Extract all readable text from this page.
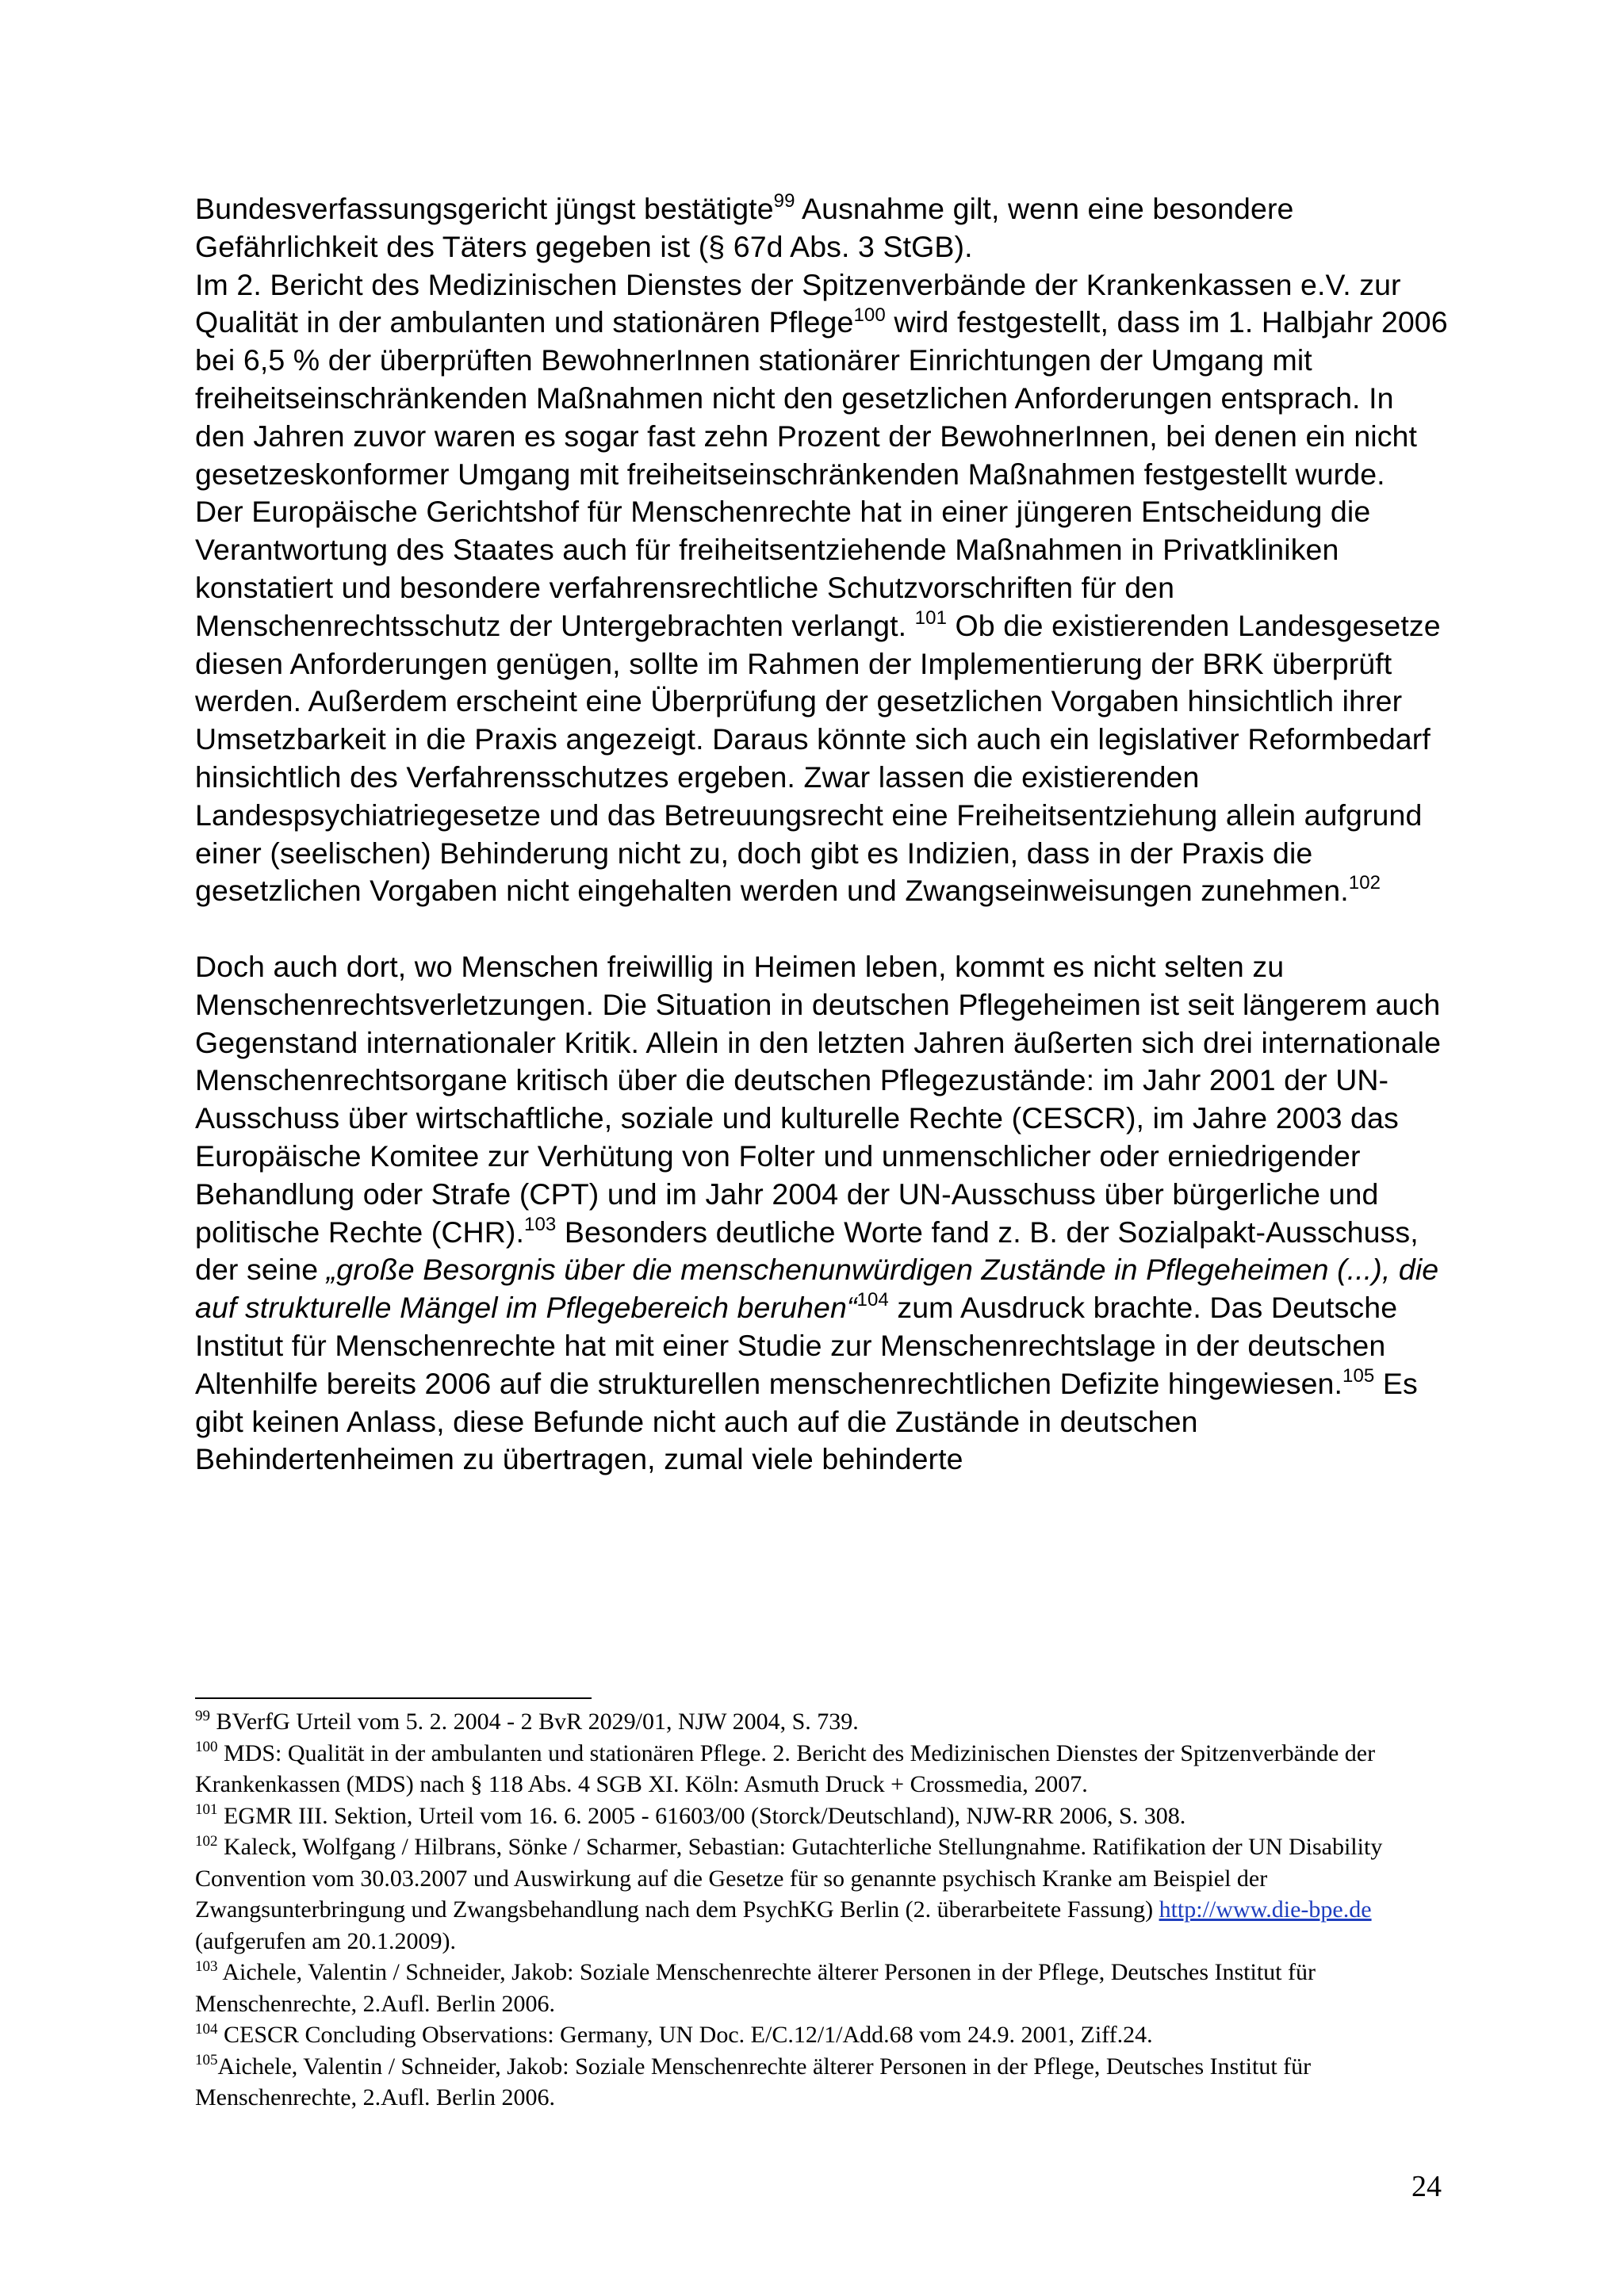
Bundesverfassungsgericht jüngst bestätigte$^{99}$ Ausnahme gilt, wenn eine besondere Gefährlichkeit des Täters gegeben ist (§ 67d Abs. 3 StGB).

Im 2. Bericht des Medizinischen Dienstes der Spitzenverbände der Krankenkassen e.V. zur Qualität in der ambulanten und stationären Pflege$^{100}$ wird festgestellt, dass im 1. Halbjahr 2006 bei 6,5 % der überprüften BewohnerInnen stationärer Einrichtungen der Umgang mit freiheitseinschränkenden Maßnahmen nicht den gesetzlichen Anforderungen entsprach. In den Jahren zuvor waren es sogar fast zehn Prozent der BewohnerInnen, bei denen ein nicht gesetzeskonformer Umgang mit freiheitseinschränkenden Maßnahmen festgestellt wurde.

Der Europäische Gerichtshof für Menschenrechte hat in einer jüngeren Entscheidung die Verantwortung des Staates auch für freiheitsentziehende Maßnahmen in Privatkliniken konstatiert und besondere verfahrensrechtliche Schutzvorschriften für den Menschenrechtsschutz der Untergebrachten verlangt. $^{101}$ Ob die existierenden Landesgesetze diesen Anforderungen genügen, sollte im Rahmen der Implementierung der BRK überprüft werden. Außerdem erscheint eine Überprüfung der gesetzlichen Vorgaben hinsichtlich ihrer Umsetzbarkeit in die Praxis angezeigt. Daraus könnte sich auch ein legislativer Reformbedarf hinsichtlich des Verfahrensschutzes ergeben. Zwar lassen die existierenden Landespsychiatriegesetze und das Betreuungsrecht eine Freiheitsentziehung allein aufgrund einer (seelischen) Behinderung nicht zu, doch gibt es Indizien, dass in der Praxis die gesetzlichen Vorgaben nicht eingehalten werden und Zwangseinweisungen zunehmen.$^{102}$

Doch auch dort, wo Menschen freiwillig in Heimen leben, kommt es nicht selten zu Menschenrechtsverletzungen. Die Situation in deutschen Pflegeheimen ist seit längerem auch Gegenstand internationaler Kritik. Allein in den letzten Jahren äußerten sich drei internationale Menschenrechtsorgane kritisch über die deutschen Pflegezustände: im Jahr 2001 der UN-Ausschuss über wirtschaftliche, soziale und kulturelle Rechte (CESCR), im Jahre 2003 das Europäische Komitee zur Verhütung von Folter und unmenschlicher oder erniedrigender Behandlung oder Strafe (CPT) und im Jahr 2004 der UN-Ausschuss über bürgerliche und politische Rechte (CHR).$^{103}$ Besonders deutliche Worte fand z. B. der Sozialpakt-Ausschuss, der seine „große Besorgnis über die menschenunwürdigen Zustände in Pflegeheimen (...), die auf strukturelle Mängel im Pflegebereich beruhen“$^{104}$ zum Ausdruck brachte. Das Deutsche Institut für Menschenrechte hat mit einer Studie zur Menschenrechtslage in der deutschen Altenhilfe bereits 2006 auf die strukturellen menschenrechtlichen Defizite hingewiesen.$^{105}$ Es gibt keinen Anlass, diese Befunde nicht auch auf die Zustände in deutschen Behindertenheimen zu übertragen, zumal viele behinderte

$^{99}$ BVerfG Urteil vom 5. 2. 2004 - 2 BvR 2029/01, NJW 2004, S. 739.

$^{100}$ MDS: Qualität in der ambulanten und stationären Pflege. 2. Bericht des Medizinischen Dienstes der Spitzenverbände der Krankenkassen (MDS) nach § 118 Abs. 4 SGB XI. Köln: Asmuth Druck + Crossmedia, 2007.

$^{101}$ EGMR III. Sektion, Urteil vom 16. 6. 2005 - 61603/00 (Storck/Deutschland), NJW-RR 2006, S. 308.

$^{102}$ Kaleck, Wolfgang / Hilbrans, Sönke / Scharmer, Sebastian: Gutachterliche Stellungnahme. Ratifikation der UN Disability Convention vom 30.03.2007 und Auswirkung auf die Gesetze für so genannte psychisch Kranke am Beispiel der Zwangsunterbringung und Zwangsbehandlung nach dem PsychKG Berlin (2. überarbeitete Fassung) http://www.die-bpe.de (aufgerufen am 20.1.2009).

$^{103}$ Aichele, Valentin / Schneider, Jakob: Soziale Menschenrechte älterer Personen in der Pflege, Deutsches Institut für Menschenrechte, 2.Aufl. Berlin 2006.

$^{104}$ CESCR Concluding Observations: Germany, UN Doc. E/C.12/1/Add.68 vom 24.9. 2001, Ziff.24.

$^{105}$Aichele, Valentin / Schneider, Jakob: Soziale Menschenrechte älterer Personen in der Pflege, Deutsches Institut für Menschenrechte, 2.Aufl. Berlin 2006.

24
